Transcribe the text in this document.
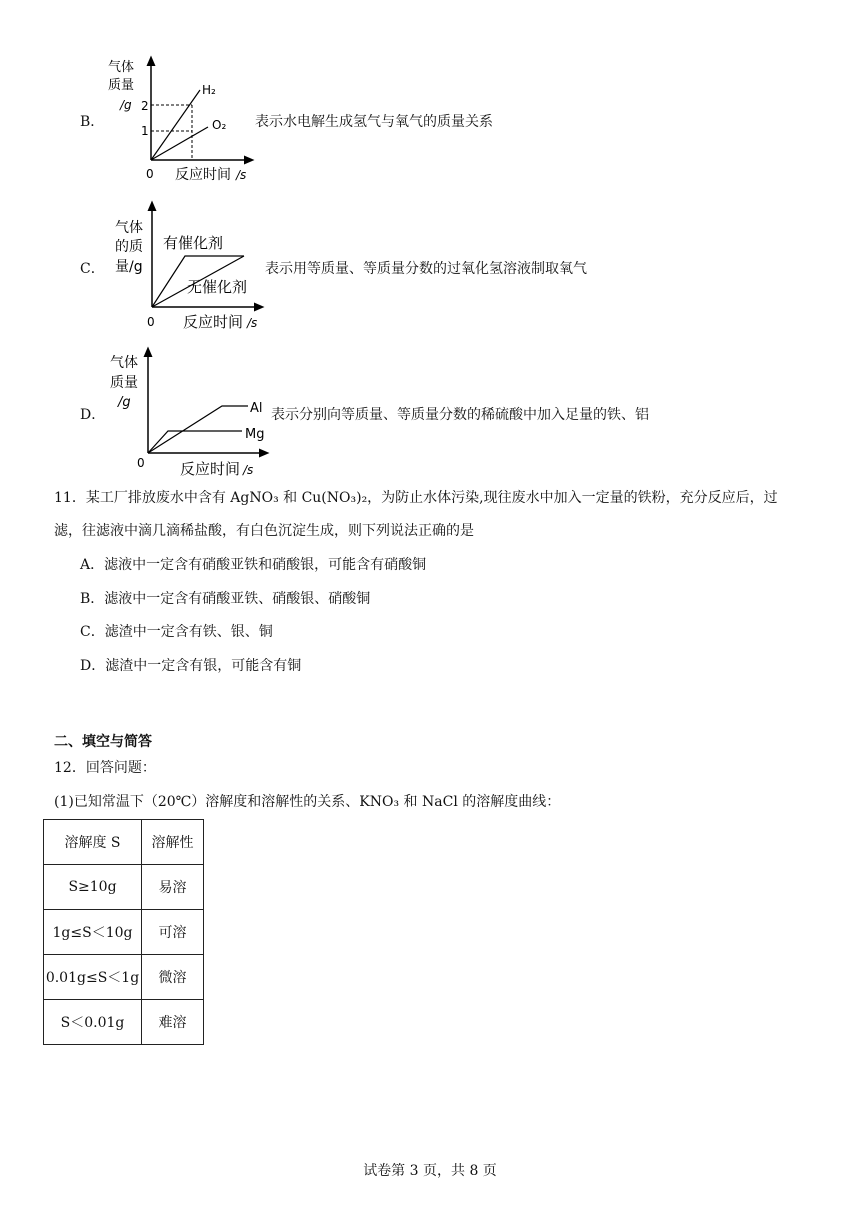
B．
气体
质量
/g 2
1
H₂
O₂
0 反应时间 /s
表示水电解生成氢气与氧气的质量关系
C．
气体
的质
量/g
有催化剂
无催化剂
0 反应时间 /s
表示用等质量、等质量分数的过氧化氢溶液制取氧气
D．
气体
质量
/g	Al
Mg
0 反应时间 /s
表示分别向等质量、等质量分数的稀硫酸中加入足量的铁、铝
11．某工厂排放废水中含有 AgNO₃ 和 Cu(NO₃)₂，为防止水体污染,现往废水中加入一定量的铁粉，充分反应后，过
滤，往滤液中滴几滴稀盐酸，有白色沉淀生成，则下列说法正确的是
A．滤液中一定含有硝酸亚铁和硝酸银，可能含有硝酸铜
B．滤液中一定含有硝酸亚铁、硝酸银、硝酸铜
C．滤渣中一定含有铁、银、铜
D．滤渣中一定含有银，可能含有铜
二、填空与简答
12．回答问题：
(1)已知常温下（20℃）溶解度和溶解性的关系、KNO₃ 和 NaCl 的溶解度曲线：
溶解度 S	溶解性
S≥10g	易溶
1g≤S＜10g	可溶
0.01g≤S＜1g	微溶
S＜0.01g	难溶
试卷第 3 页，共 8 页
